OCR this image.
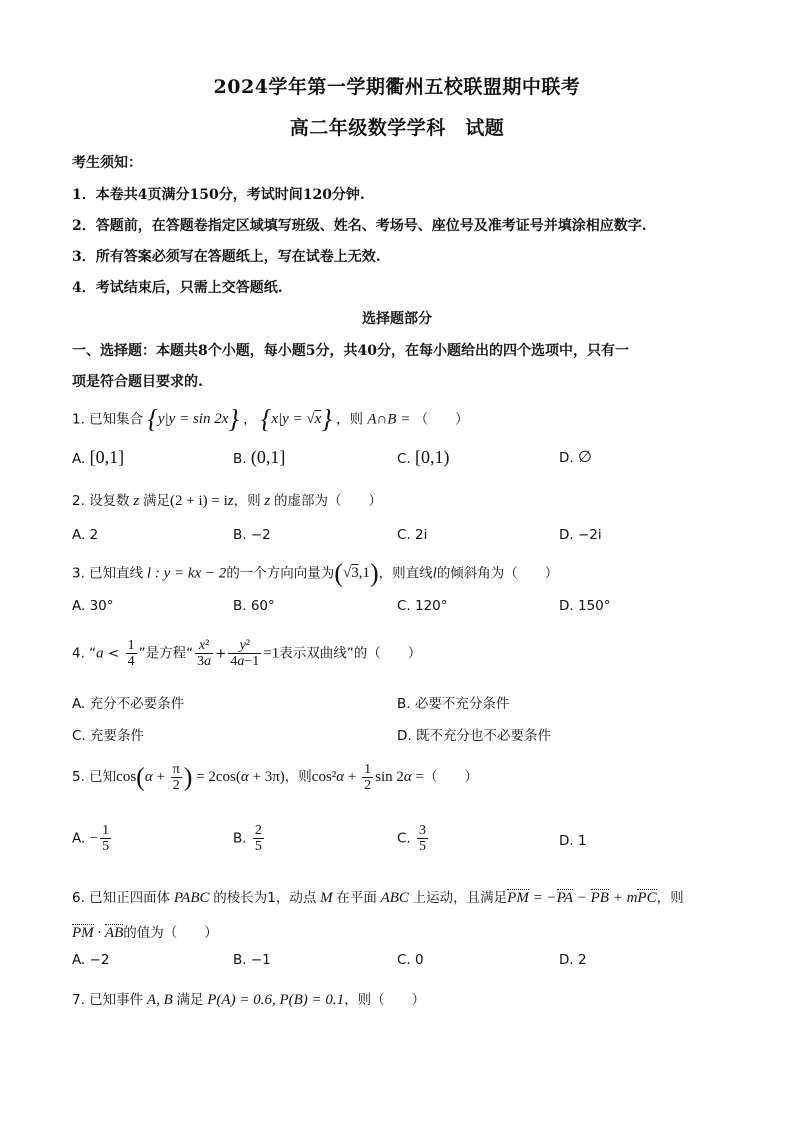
2024学年第一学期衢州五校联盟期中联考
高二年级数学学科　试题
考生须知：
1．本卷共4页满分150分，考试时间120分钟.
2．答题前，在答题卷指定区域填写班级、姓名、考场号、座位号及准考证号并填涂相应数字.
3．所有答案必须写在答题纸上，写在试卷上无效.
4．考试结束后，只需上交答题纸.
选择题部分
一、选择题：本题共8个小题，每小题5分，共40分，在每小题给出的四个选项中，只有一
项是符合题目要求的.
1. 已知集合 {y|y = sin 2x} ， {x|y = √x} ，则 A∩B = （　　）
A. [0,1]	B. (0,1]	C. [0,1)	D. ∅
2. 设复数 z 满足(2 + i) = iz，则 z 的虚部为（　　）
A. 2	B. −2	C. 2i	D. −2i
3. 已知直线 l : y = kx − 2的一个方向向量为(√3,1)，则直线l的倾斜角为（　　）
A. 30°	B. 60°	C. 120°	D. 150°
4. “$a < \frac{1}{4}$ ”是方程“ $\frac{\text{x²}}{3a} + \frac{\text{y²}}{4a-1} =1$表示双曲线”的（　　）
A. 充分不必要条件	B. 必要不充分条件
C. 充要条件	D. 既不充分也不必要条件
5. 已知$\cos(\alpha + \frac{\pi}{2}$ ) = 2cos(α + 3π)，则$\cos^2\alpha + \frac{1}{2}$ sin 2α =（　　）
A. − $\frac{1}{5}$	B. $\frac{2}{5}$	C. $\frac{3}{5}$	D. 1
6. 已知正四面体 PABC 的棱长为1，动点 M 在平面 ABC 上运动，且满足PM = −PA − PB + mPC，则
PM · AB的值为（　　）
A. −2	B. −1	C. 0	D. 2
7. 已知事件 A, B 满足 P(A) = 0.6, P(B) = 0.1，则（　　）
